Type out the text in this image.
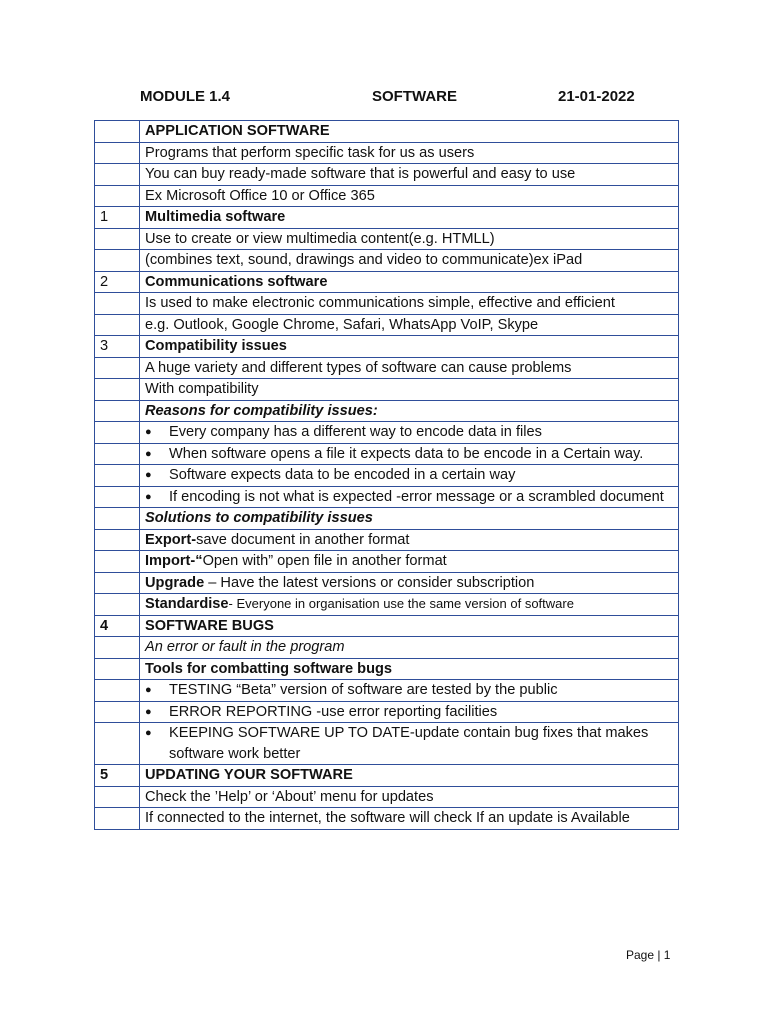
MODULE 1.4	SOFTWARE	21-01-2022
	APPLICATION SOFTWARE
	Programs that perform specific task for us as users
	You can buy ready-made software that is powerful and easy to use
	Ex Microsoft Office 10 or Office 365
1	Multimedia software
	Use to create or view multimedia content(e.g. HTMLL)
	(combines text, sound, drawings and video to communicate)ex iPad
2	Communications software
	Is used to make electronic communications simple, effective and efficient
	e.g. Outlook, Google Chrome, Safari, WhatsApp VoIP, Skype
3	Compatibility issues
	A huge variety and different types of software can cause problems
	With compatibility
	Reasons for compatibility issues:

	● Every company has a different way to encode data in files

	● When software opens a file it expects data to be encode in a Certain way.

	● Software expects data to be encoded in a certain way

	● If encoding is not what is expected -error message or a scrambled document

	Solutions to compatibility issues
	Export-save document in another format
	Import-“Open with” open file in another format
	Upgrade – Have the latest versions or consider subscription
	Standardise- Everyone in organisation use the same version of software
4	SOFTWARE BUGS
	An error or fault in the program
	Tools for combatting software bugs

	● TESTING “Beta” version of software are tested by the public

	● ERROR REPORTING -use error reporting facilities

	● KEEPING SOFTWARE UP TO DATE-update contain bug fixes that makes software work better

5	UPDATING YOUR SOFTWARE
	Check the ’Help’ or ‘About’ menu for updates
	If connected to the internet, the software will check If an update is Available
Page | 1
